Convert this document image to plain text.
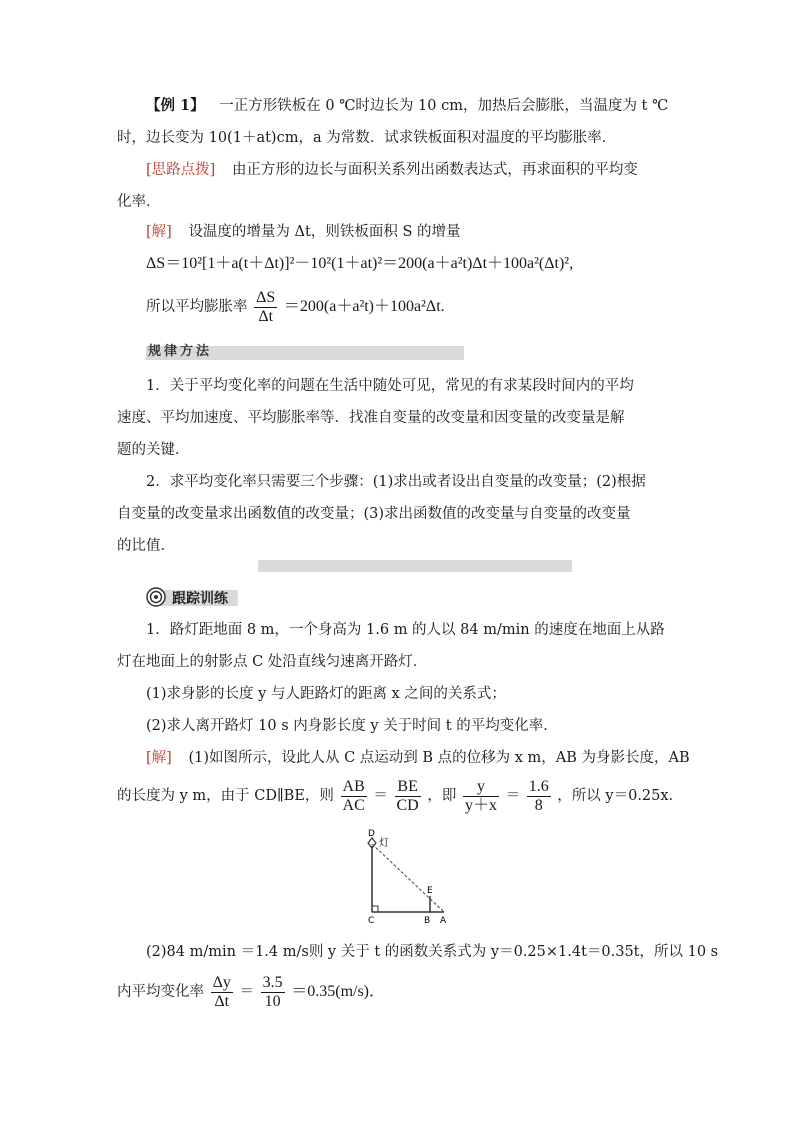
【例 1】 一正方形铁板在 0 ℃时边长为 10 cm，加热后会膨胀，当温度为 t ℃
时，边长变为 10(1＋at)cm，a 为常数．试求铁板面积对温度的平均膨胀率．
[思路点拨] 由正方形的边长与面积关系列出函数表达式，再求面积的平均变
化率．
[解] 设温度的增量为 Δt，则铁板面积 S 的增量
ΔS＝10²[1＋a(t＋Δt)]²－10²(1＋at)²＝200(a＋a²t)Δt＋100a²(Δt)²,
所以平均膨胀率 $\frac{\Delta S}{\Delta t} =200(a+a^2t)+100a^2\Delta t$.
规律方法
1．关于平均变化率的问题在生活中随处可见，常见的有求某段时间内的平均
速度、平均加速度、平均膨胀率等．找准自变量的改变量和因变量的改变量是解
题的关键．
2．求平均变化率只需要三个步骤：(1)求出或者设出自变量的改变量；(2)根据
自变量的改变量求出函数值的改变量；(3)求出函数值的改变量与自变量的改变量
的比值．
跟踪训练
1．路灯距地面 8 m，一个身高为 1.6 m 的人以 84 m/min 的速度在地面上从路
灯在地面上的射影点 C 处沿直线匀速离开路灯．
(1)求身影的长度 y 与人距路灯的距离 x 之间的关系式；
(2)求人离开路灯 10 s 内身影长度 y 关于时间 t 的平均变化率．
[解] (1)如图所示，设此人从 C 点运动到 B 点的位移为 x m，AB 为身影长度，AB
的长度为 y m，由于 CD∥BE，则 $\frac{AB}{AC} = \frac{BE}{CD}$ ，即 $\frac{y}{y+x} = \frac{1.6}{8}$ ，所以 y＝0.25x.
D
灯
E
C	B A
(2)84 m/min ＝1.4 m/s则 y 关于 t 的函数关系式为 y＝0.25×1.4t＝0.35t，所以 10 s
内平均变化率 $\frac{\Delta y}{\Delta t} = \frac{3.5}{10} =0.35(m/s)$．
